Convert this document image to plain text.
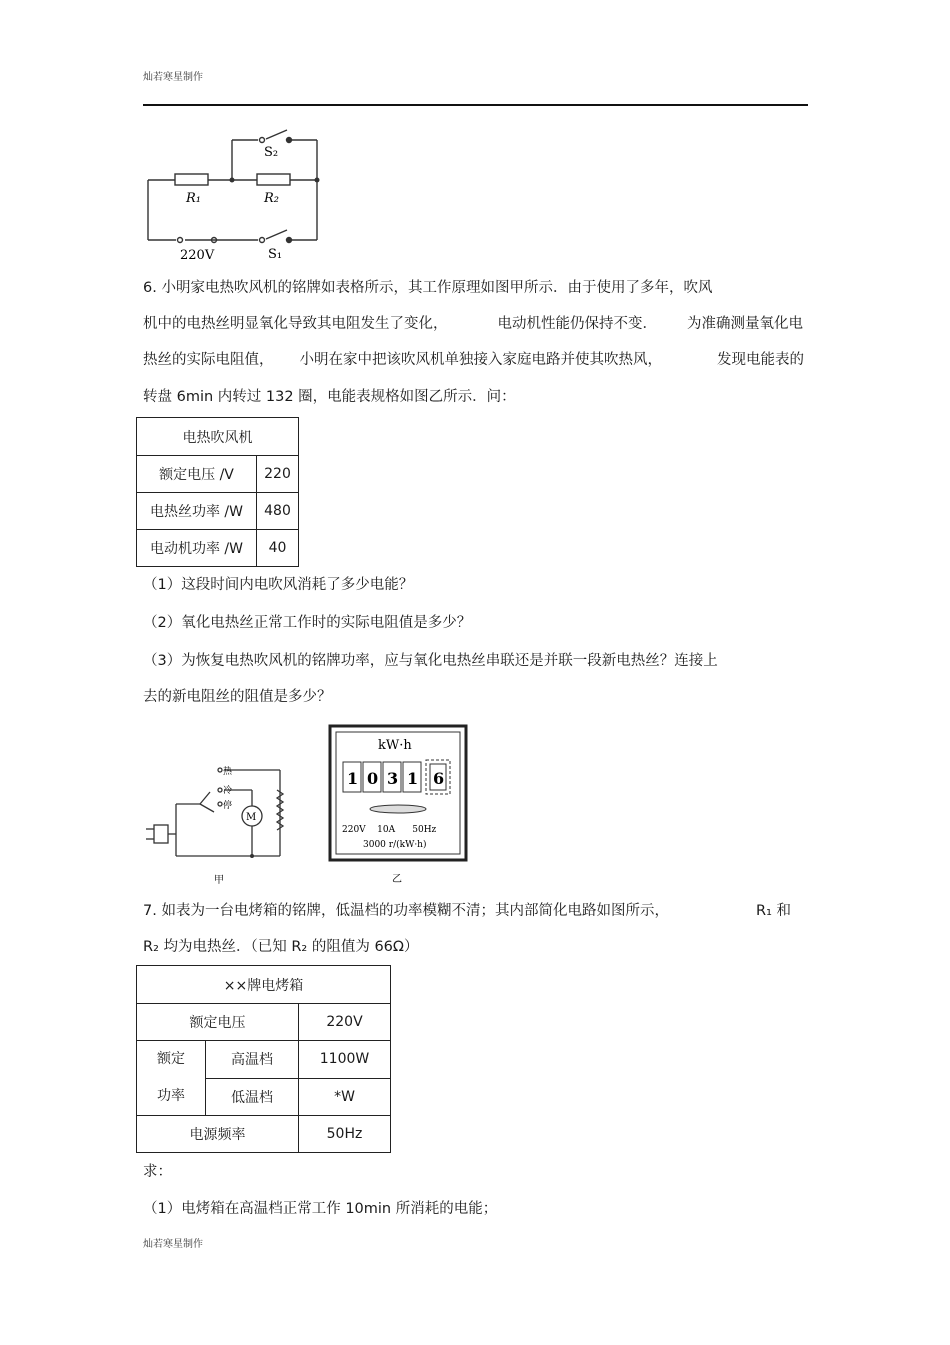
灿若寒星制作
S₂
R₁	R₂
220V	S₁
6. 小明家电热吹风机的铭牌如表格所示，其工作原理如图甲所示．由于使用了多年，吹风
机中的电热丝明显氧化导致其电阻发生了变化，	电动机性能仍保持不变． 为准确测量氧化电
热丝的实际电阻值， 小明在家中把该吹风机单独接入家庭电路并使其吹热风，	发现电能表的
转盘 6min 内转过 132 圈，电能表规格如图乙所示．问：
电热吹风机	
额定电压 /V	220
电热丝功率 /W	480
电动机功率 /W	40
（1）这段时间内电吹风消耗了多少电能？
（2）氧化电热丝正常工作时的实际电阻值是多少？
（3）为恢复电热吹风机的铭牌功率，应与氧化电热丝串联还是并联一段新电热丝？连接上
去的新电阻丝的阻值是多少？
热
冷
停
M
甲
kW·h
1 0 3 1 6
220V    10A      50Hz
3000 r/(kW·h)
乙
7. 如表为一台电烤箱的铭牌，低温档的功率模糊不清；其内部简化电路如图所示，	R₁ 和
R₂ 均为电热丝．（已知 R₂ 的阻值为 66Ω）
××牌电烤箱		
额定电压		220V

额定
功率	高温档	1100W
	低温档	*W
电源频率		50Hz
求：
（1）电烤箱在高温档正常工作 10min 所消耗的电能；
灿若寒星制作
